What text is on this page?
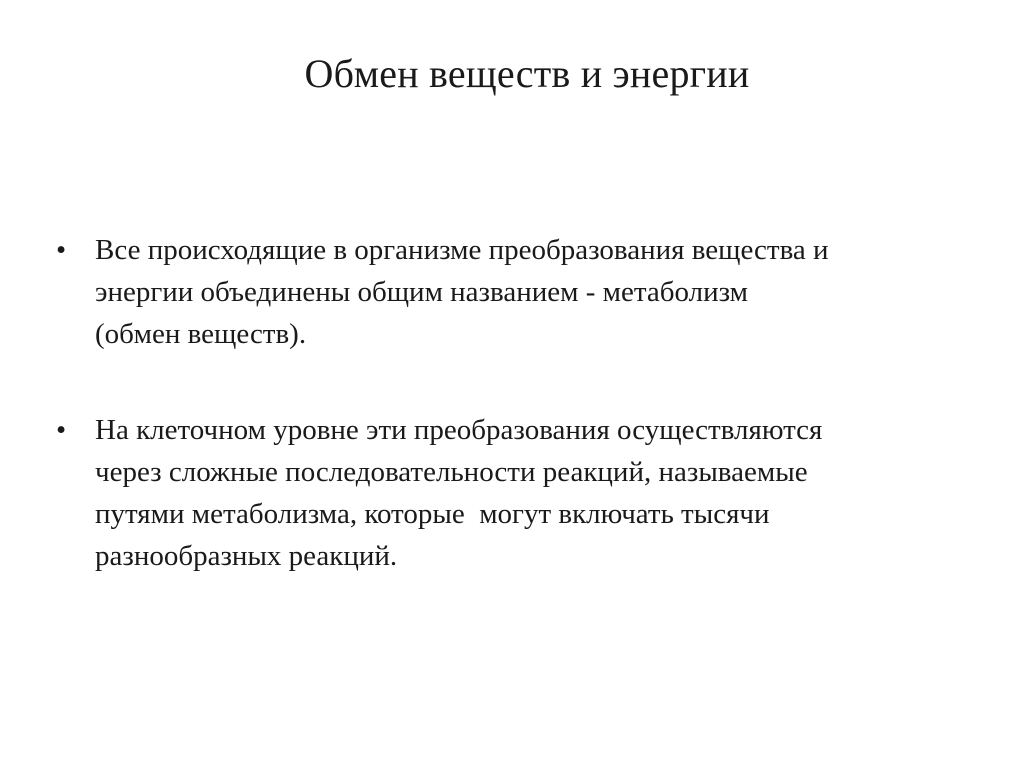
Обмен веществ и энергии
• Все происходящие в организме преобразования вещества и
энергии объединены общим названием - метаболизм
(обмен веществ).
• На клеточном уровне эти преобразования осуществляются
через сложные последовательности реакций, называемые
путями метаболизма, которые  могут включать тысячи
разнообразных реакций.
